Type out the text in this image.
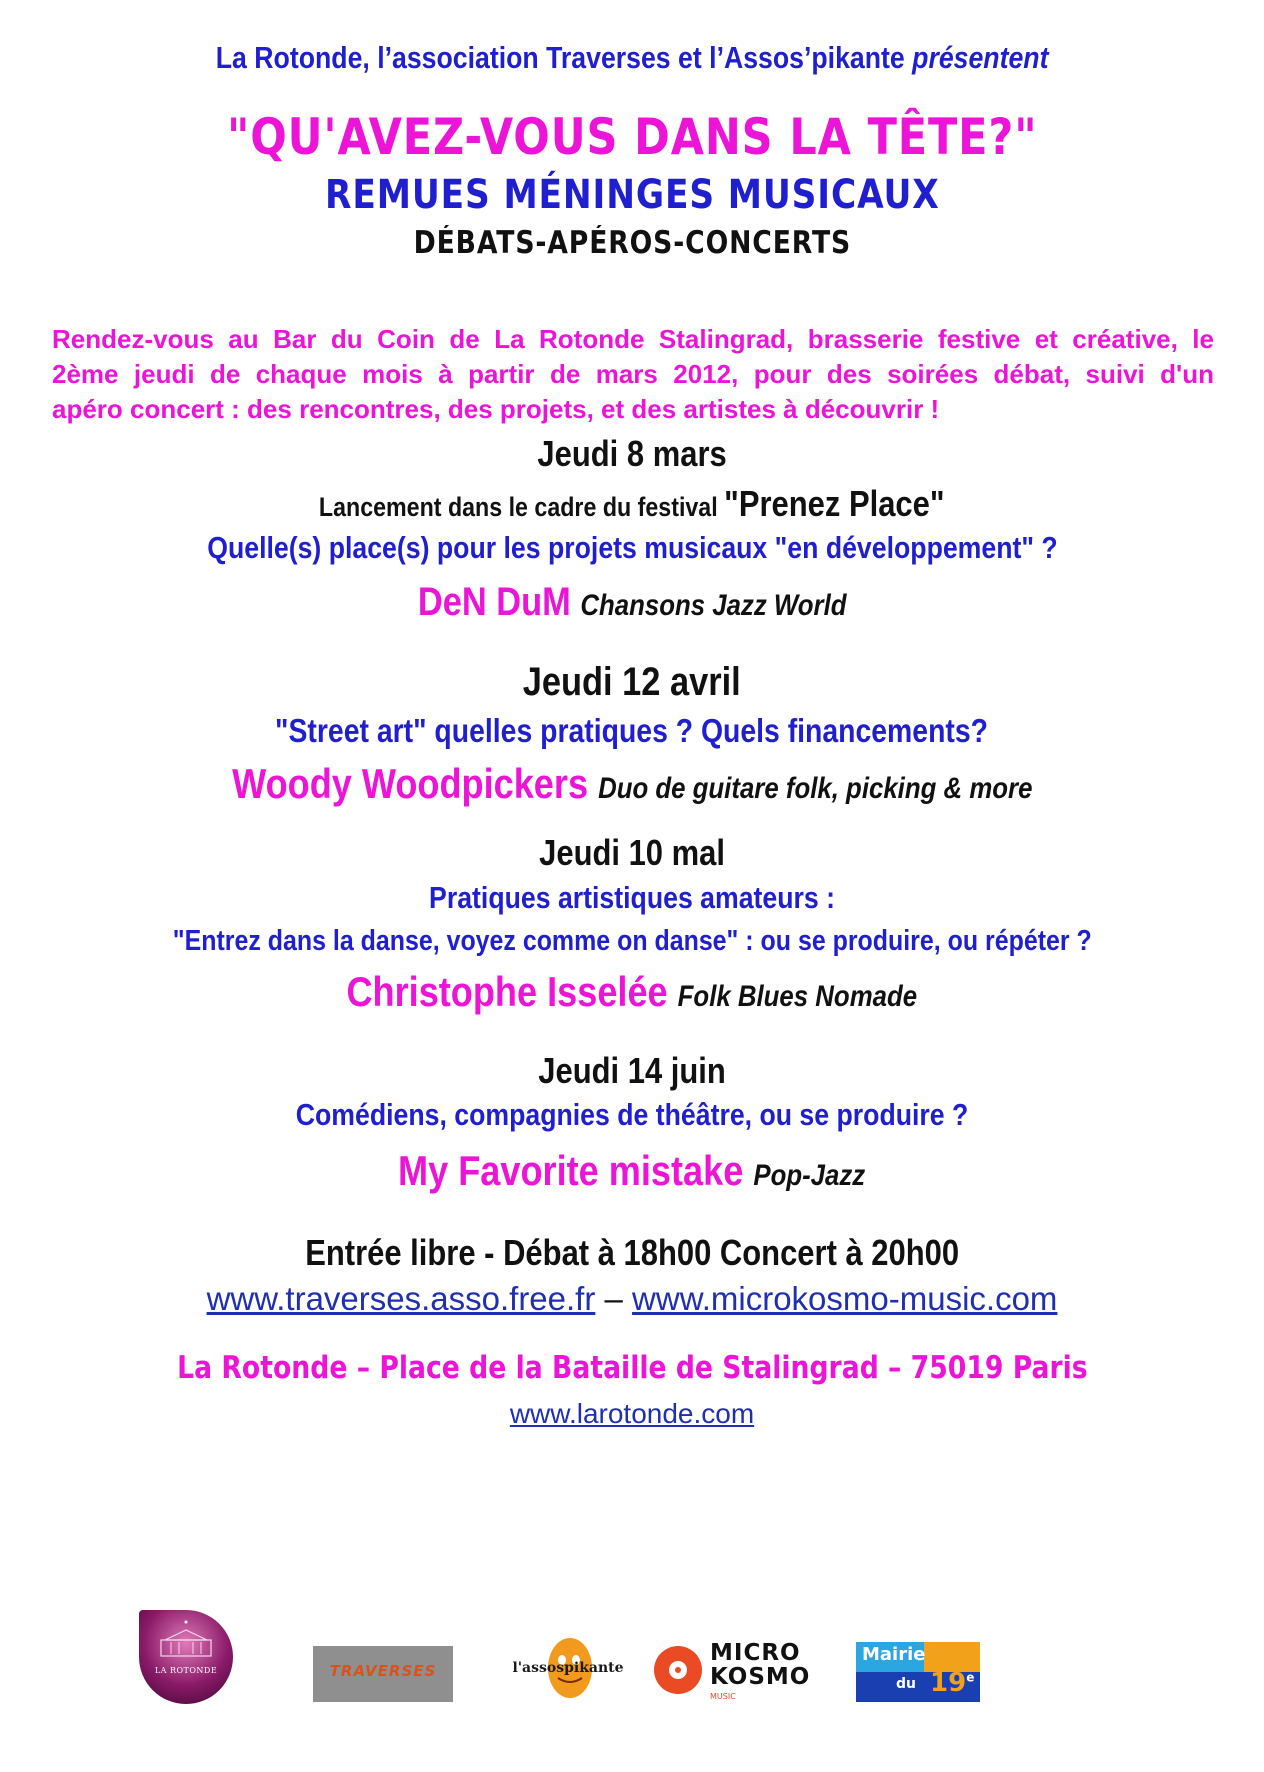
La Rotonde, l’association Traverses et l’Assos’pikante présentent
"QU'AVEZ-VOUS DANS LA TÊTE?"
REMUES MÉNINGES MUSICAUX
DÉBATS-APÉROS-CONCERTS
Rendez-vous au Bar du Coin de La Rotonde Stalingrad, brasserie festive et créative, le
2ème jeudi de chaque mois à partir de mars 2012, pour des soirées débat, suivi d'un
apéro concert : des rencontres, des projets, et des artistes à découvrir !
Jeudi 8 mars
Lancement dans le cadre du festival "Prenez Place"
Quelle(s) place(s) pour les projets musicaux "en développement" ?
DeN DuM Chansons Jazz World
Jeudi 12 avril
"Street art" quelles pratiques ? Quels financements?
Woody Woodpickers Duo de guitare folk, picking & more
Jeudi 10 mal
Pratiques artistiques amateurs :
"Entrez dans la danse, voyez comme on danse" : ou se produire, ou répéter ?
Christophe Isselée Folk Blues Nomade
Jeudi 14 juin
Comédiens, compagnies de théâtre, ou se produire ?
My Favorite mistake Pop-Jazz
Entrée libre - Débat à 18h00 Concert à 20h00
www.traverses.asso.free.fr – www.microkosmo-music.com
La Rotonde – Place de la Bataille de Stalingrad – 75019 Paris
www.larotonde.com
LA ROTONDE	TRAVERSES	l'assospikante
MICRO
KOSMO
MUSIC
Mairie
du 19e
